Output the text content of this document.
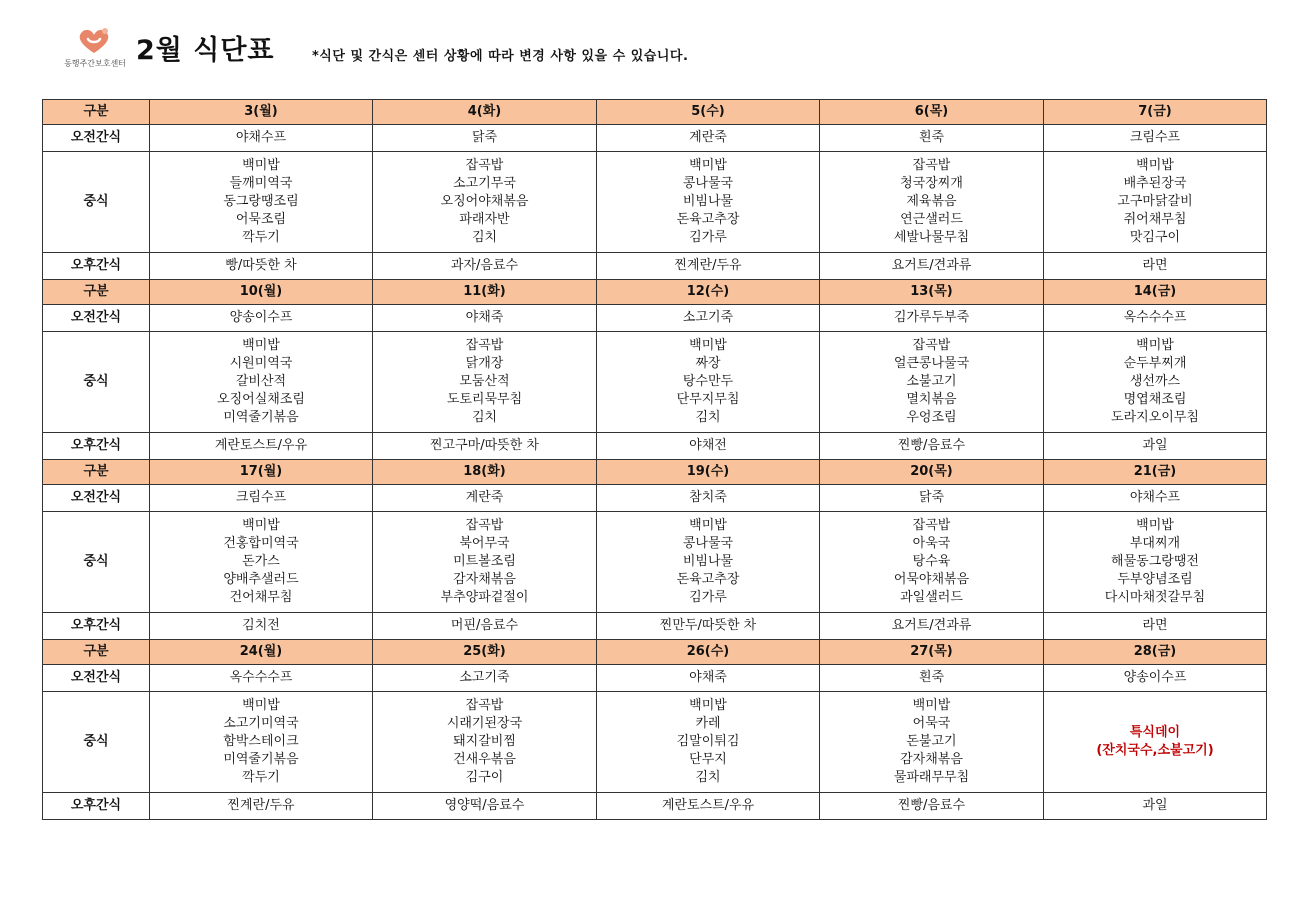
동행주간보호센터 2월 식단표	*식단 및 간식은 센터 상황에 따라 변경 사항 있을 수 있습니다.
구분	3(월)	4(화)	5(수)	6(목)	7(금)
오전간식	야채수프	닭죽	계란죽	흰죽	크림수프
중식	백미밥
들깨미역국
동그랑땡조림
어묵조림
깍두기	잡곡밥
소고기무국
오징어야채볶음
파래자반
김치	백미밥
콩나물국
비빔나물
돈육고추장
김가루	잡곡밥
청국장찌개
제육볶음
연근샐러드
세발나물무침	백미밥
배추된장국
고구마닭갈비
쥐어채무침
맛김구이

오후간식	빵/따뜻한 차	과자/음료수	찐계란/두유	요거트/견과류	라면
구분	10(월)	11(화)	12(수)	13(목)	14(금)
오전간식	양송이수프	야채죽	소고기죽	김가루두부죽	옥수수수프
중식	백미밥
시원미역국
갈비산적
오징어실채조림
미역줄기볶음	잡곡밥
닭개장
모둠산적
도토리묵무침
김치	백미밥
짜장
탕수만두
단무지무침
김치	잡곡밥
얼큰콩나물국
소불고기
멸치볶음
우엉조림	백미밥
순두부찌개
생선까스
명엽채조림
도라지오이무침

오후간식	계란토스트/우유	찐고구마/따뜻한 차	야채전	찐빵/음료수	과일
구분	17(월)	18(화)	19(수)	20(목)	21(금)
오전간식	크림수프	계란죽	참치죽	닭죽	야채수프
중식	백미밥
건홍합미역국
돈가스
양배추샐러드
건어채무침	잡곡밥
북어무국
미트볼조림
감자채볶음
부추양파겉절이	백미밥
콩나물국
비빔나물
돈육고추장
김가루	잡곡밥
아욱국
탕수육
어묵야채볶음
과일샐러드	백미밥
부대찌개
해물동그랑땡전
두부양념조림
다시마채젓갈무침

오후간식	김치전	머핀/음료수	찐만두/따뜻한 차	요거트/견과류	라면
구분	24(월)	25(화)	26(수)	27(목)	28(금)
오전간식	옥수수수프	소고기죽	야채죽	흰죽	양송이수프
중식	백미밥
소고기미역국
함박스테이크
미역줄기볶음
깍두기	잡곡밥
시래기된장국
돼지갈비찜
건새우볶음
김구이	백미밥
카레
김말이튀김
단무지
김치	백미밥
어묵국
돈불고기
감자채볶음
물파래무무침	특식데이
(잔치국수,소불고기)

오후간식	찐계란/두유	영양떡/음료수	계란토스트/우유	찐빵/음료수	과일
